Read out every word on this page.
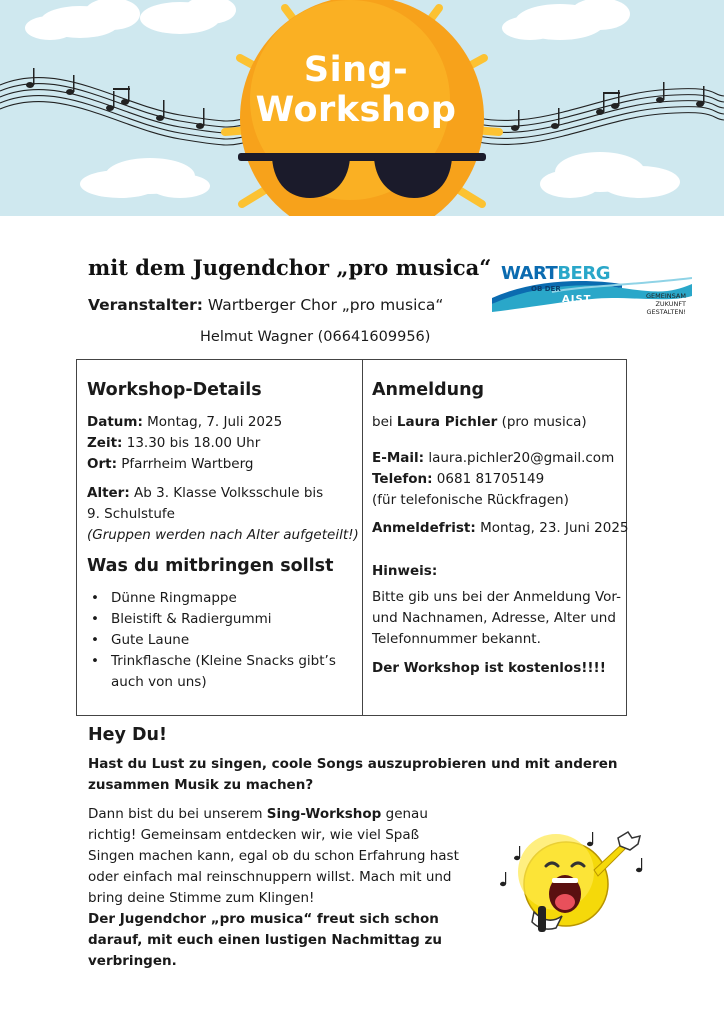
Sing-
Workshop
mit dem Jugendchor „pro musica“
Veranstalter: Wartberger Chor „pro musica“
Helmut Wagner (06641609956)
WARTBERG
OB DER
AIST	GEMEINSAM
ZUKUNFT
GESTALTEN!
Workshop-Details
Datum: Montag, 7. Juli 2025
Zeit: 13.30 bis 18.00 Uhr
Ort: Pfarrheim Wartberg
Alter: Ab 3. Klasse Volksschule bis
9. Schulstufe
(Gruppen werden nach Alter aufgeteilt!)
Was du mitbringen sollst
• Dünne Ringmappe
• Bleistift & Radiergummi
• Gute Laune
• Trinkflasche (Kleine Snacks gibt’s
auch von uns)
Anmeldung
bei Laura Pichler (pro musica)
E-Mail: laura.pichler20@gmail.com
Telefon: 0681 81705149
(für telefonische Rückfragen)
Anmeldefrist: Montag, 23. Juni 2025
Hinweis:
Bitte gib uns bei der Anmeldung Vor-
und Nachnamen, Adresse, Alter und
Telefonnummer bekannt.
Der Workshop ist kostenlos!!!!
Hey Du!
Hast du Lust zu singen, coole Songs auszuprobieren und mit anderen zusammen Musik zu machen?
Dann bist du bei unserem Sing-Workshop genau richtig! Gemeinsam entdecken wir, wie viel Spaß Singen machen kann, egal ob du schon Erfahrung hast oder einfach mal reinschnuppern willst. Mach mit und bring deine Stimme zum Klingen!
Der Jugendchor „pro musica“ freut sich schon darauf, mit euch einen lustigen Nachmittag zu verbringen.
